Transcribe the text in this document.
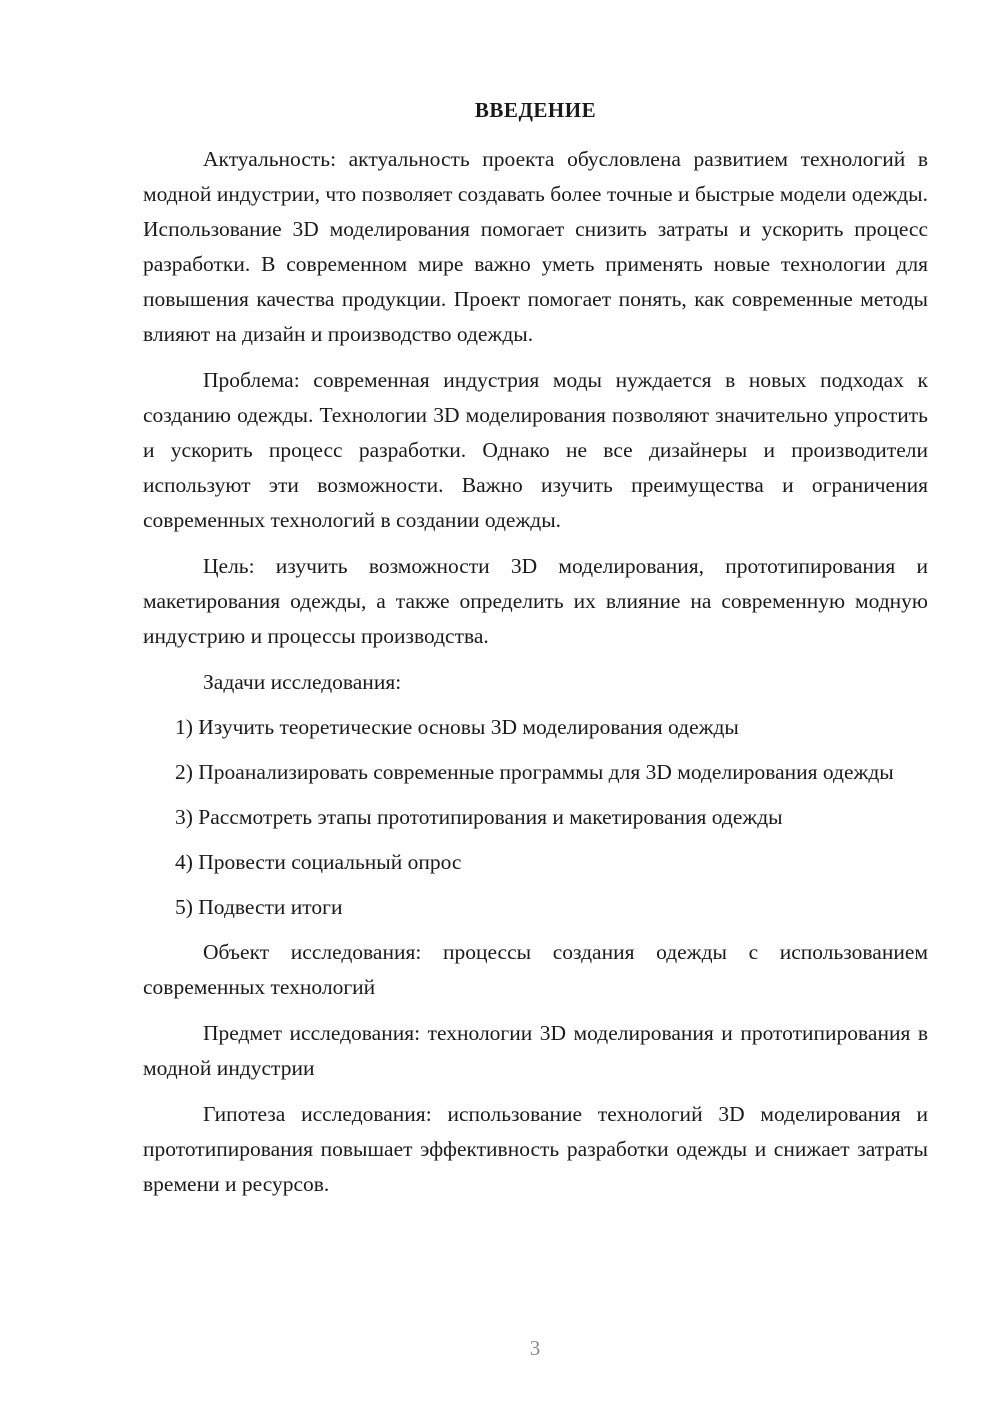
ВВЕДЕНИЕ

Актуальность: актуальность проекта обусловлена развитием технологий в модной индустрии, что позволяет создавать более точные и быстрые модели одежды. Использование 3D моделирования помогает снизить затраты и ускорить процесс разработки. В современном мире важно уметь применять новые технологии для повышения качества продукции. Проект помогает понять, как современные методы влияют на дизайн и производство одежды.

Проблема: современная индустрия моды нуждается в новых подходах к созданию одежды. Технологии 3D моделирования позволяют значительно упростить и ускорить процесс разработки. Однако не все дизайнеры и производители используют эти возможности. Важно изучить преимущества и ограничения современных технологий в создании одежды.

Цель: изучить возможности 3D моделирования, прототипирования и макетирования одежды, а также определить их влияние на современную модную индустрию и процессы производства.

Задачи исследования:

1) Изучить теоретические основы 3D моделирования одежды

2) Проанализировать современные программы для 3D моделирования одежды

3) Рассмотреть этапы прототипирования и макетирования одежды

4) Провести социальный опрос

5) Подвести итоги

Объект исследования: процессы создания одежды с использованием современных технологий

Предмет исследования: технологии 3D моделирования и прототипирования в модной индустрии

Гипотеза исследования: использование технологий 3D моделирования и прототипирования повышает эффективность разработки одежды и снижает затраты времени и ресурсов.

3
